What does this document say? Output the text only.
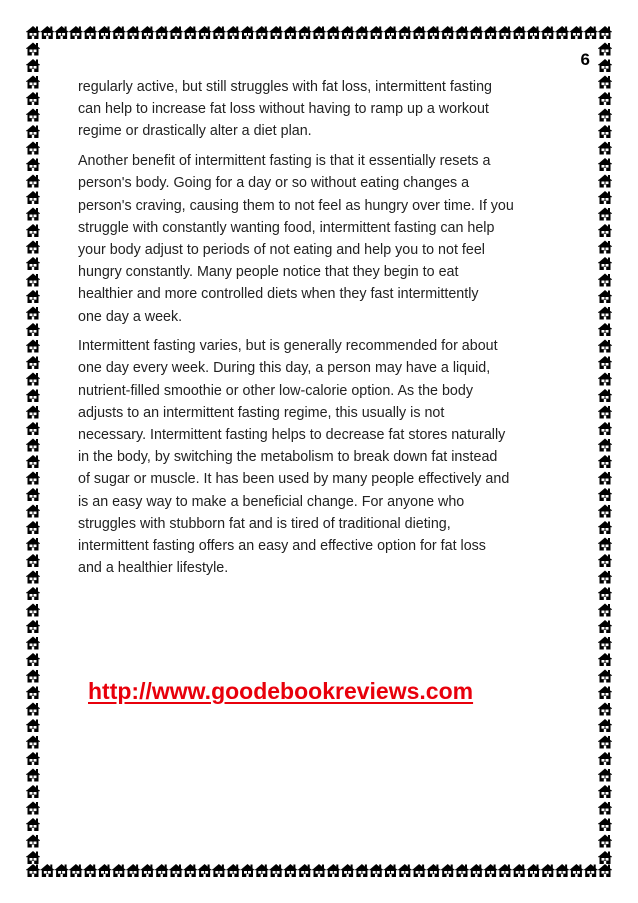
6

regularly active, but still struggles with fat loss, intermittent fasting
can help to increase fat loss without having to ramp up a workout
regime or drastically alter a diet plan.

Another benefit of intermittent fasting is that it essentially resets a
person's body. Going for a day or so without eating changes a
person's craving, causing them to not feel as hungry over time. If you
struggle with constantly wanting food, intermittent fasting can help
your body adjust to periods of not eating and help you to not feel
hungry constantly. Many people notice that they begin to eat
healthier and more controlled diets when they fast intermittently
one day a week.

Intermittent fasting varies, but is generally recommended for about
one day every week. During this day, a person may have a liquid,
nutrient-filled smoothie or other low-calorie option. As the body
adjusts to an intermittent fasting regime, this usually is not
necessary. Intermittent fasting helps to decrease fat stores naturally
in the body, by switching the metabolism to break down fat instead
of sugar or muscle. It has been used by many people effectively and
is an easy way to make a beneficial change. For anyone who
struggles with stubborn fat and is tired of traditional dieting,
intermittent fasting offers an easy and effective option for fat loss
and a healthier lifestyle.

http://www.goodebookreviews.com
